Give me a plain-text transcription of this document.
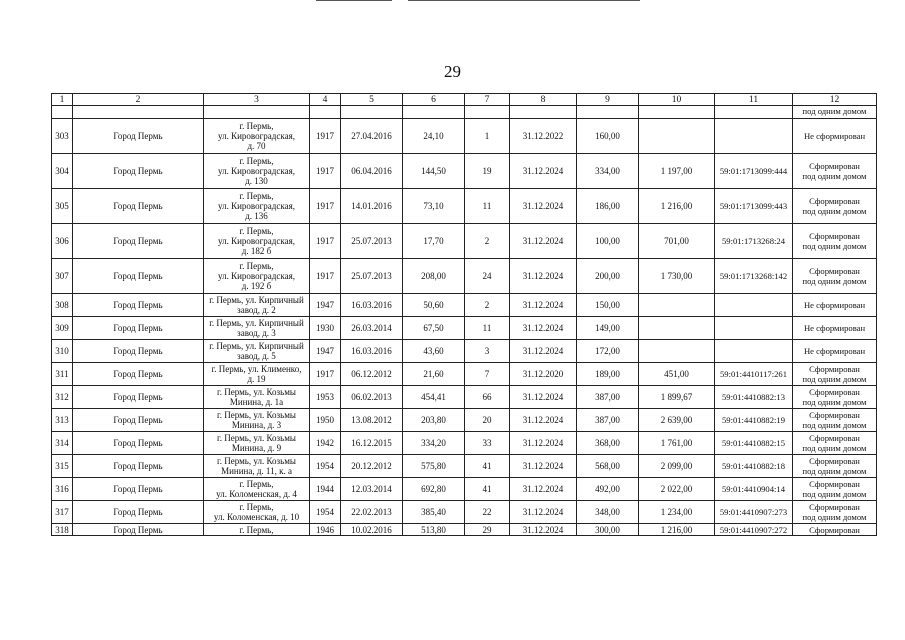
29
1	2	3	4	5	6	7	8	9	10	11	12
											под одним домом
303	Город Пермь	г. Пермь,
ул. Кировоградская,
д. 70	1917	27.04.2016	24,10	1	31.12.2022	160,00			Не сформирован
304	Город Пермь	г. Пермь,
ул. Кировоградская,
д. 130	1917	06.04.2016	144,50	19	31.12.2024	334,00	1 197,00	59:01:1713099:444	Сформирован
под одним домом
305	Город Пермь	г. Пермь,
ул. Кировоградская,
д. 136	1917	14.01.2016	73,10	11	31.12.2024	186,00	1 216,00	59:01:1713099:443	Сформирован
под одним домом
306	Город Пермь	г. Пермь,
ул. Кировоградская,
д. 182 б	1917	25.07.2013	17,70	2	31.12.2024	100,00	701,00	59:01:1713268:24	Сформирован
под одним домом
307	Город Пермь	г. Пермь,
ул. Кировоградская,
д. 192 б	1917	25.07.2013	208,00	24	31.12.2024	200,00	1 730,00	59:01:1713268:142	Сформирован
под одним домом
308	Город Пермь	г. Пермь, ул. Кирпичный
завод, д. 2	1947	16.03.2016	50,60	2	31.12.2024	150,00			Не сформирован
309	Город Пермь	г. Пермь, ул. Кирпичный
завод, д. 3	1930	26.03.2014	67,50	11	31.12.2024	149,00			Не сформирован
310	Город Пермь	г. Пермь, ул. Кирпичный
завод, д. 5	1947	16.03.2016	43,60	3	31.12.2024	172,00			Не сформирован
311	Город Пермь	г. Пермь, ул. Клименко,
д. 19	1917	06.12.2012	21,60	7	31.12.2020	189,00	451,00	59:01:4410117:261	Сформирован
под одним домом
312	Город Пермь	г. Пермь, ул. Козьмы
Минина, д. 1а	1953	06.02.2013	454,41	66	31.12.2024	387,00	1 899,67	59:01:4410882:13	Сформирован
под одним домом
313	Город Пермь	г. Пермь, ул. Козьмы
Минина, д. 3	1950	13.08.2012	203,80	20	31.12.2024	387,00	2 639,00	59:01:4410882:19	Сформирован
под одним домом
314	Город Пермь	г. Пермь, ул. Козьмы
Минина, д. 9	1942	16.12.2015	334,20	33	31.12.2024	368,00	1 761,00	59:01:4410882:15	Сформирован
под одним домом
315	Город Пермь	г. Пермь, ул. Козьмы
Минина, д. 11, к. а	1954	20.12.2012	575,80	41	31.12.2024	568,00	2 099,00	59:01:4410882:18	Сформирован
под одним домом
316	Город Пермь	г. Пермь,
ул. Коломенская, д. 4	1944	12.03.2014	692,80	41	31.12.2024	492,00	2 022,00	59:01:4410904:14	Сформирован
под одним домом
317	Город Пермь	г. Пермь,
ул. Коломенская, д. 10	1954	22.02.2013	385,40	22	31.12.2024	348,00	1 234,00	59:01:4410907:273	Сформирован
под одним домом
318	Город Пермь	г. Пермь,	1946	10.02.2016	513,80	29	31.12.2024	300,00	1 216,00	59:01:4410907:272	Сформирован
